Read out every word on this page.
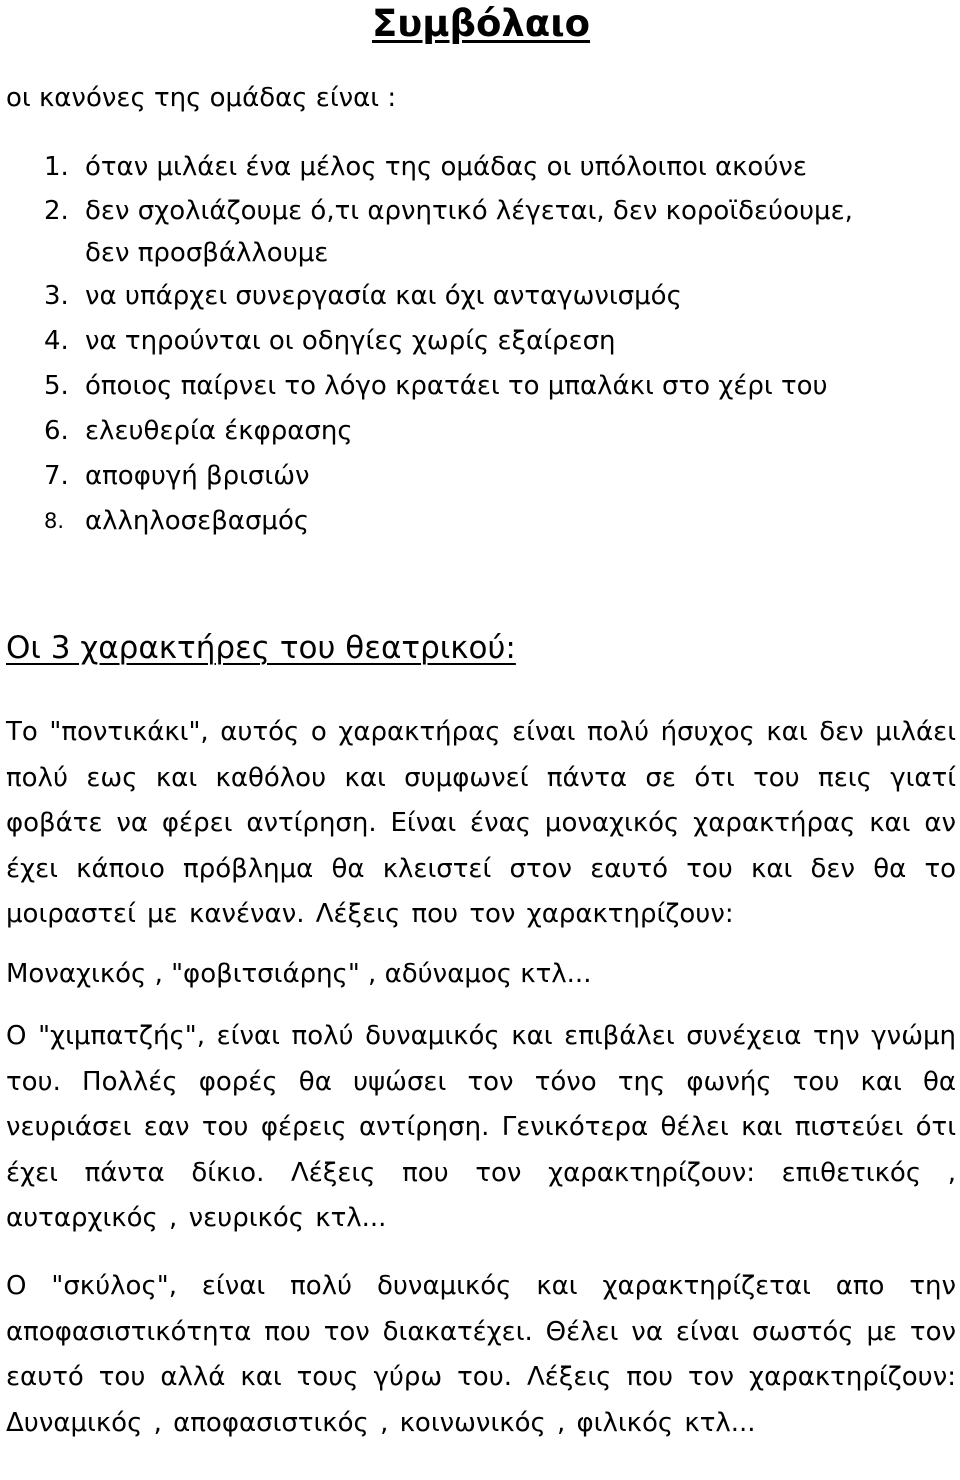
Συμβόλαιο

οι κανόνες της ομάδας είναι :

1. όταν μιλάει ένα μέλος της ομάδας οι υπόλοιποι ακούνε
2. δεν σχολιάζουμε ό,τι αρνητικό λέγεται, δεν κοροϊδεύουμε, δεν προσβάλλουμε
3. να υπάρχει συνεργασία και όχι ανταγωνισμός
4. να τηρούνται οι οδηγίες χωρίς εξαίρεση
5. όποιος παίρνει το λόγο κρατάει το μπαλάκι στο χέρι του
6. ελευθερία έκφρασης
7. αποφυγή βρισιών
8. αλληλοσεβασμός
Οι 3 χαρακτήρες του θεατρικού:

Το "ποντικάκι", αυτός ο χαρακτήρας είναι πολύ ήσυχος και δεν μιλάει πολύ εως και καθόλου και συμφωνεί πάντα σε ότι του πεις γιατί φοβάτε να φέρει αντίρηση. Είναι ένας μοναχικός χαρακτήρας και αν έχει κάποιο πρόβλημα θα κλειστεί στον εαυτό του και δεν θα το μοιραστεί με κανέναν. Λέξεις που τον χαρακτηρίζουν:

Μοναχικός , "φοβιτσιάρης" , αδύναμος κτλ...

Ο "χιμπατζής", είναι πολύ δυναμικός και επιβάλει συνέχεια την γνώμη του. Πολλές φορές θα υψώσει τον τόνο της φωνής του και θα νευριάσει εαν του φέρεις αντίρηση. Γενικότερα θέλει και πιστεύει ότι έχει πάντα δίκιο. Λέξεις που τον χαρακτηρίζουν: επιθετικός , αυταρχικός , νευρικός κτλ...

Ο "σκύλος", είναι πολύ δυναμικός και χαρακτηρίζεται απο την αποφασιστικότητα που τον διακατέχει. Θέλει να είναι σωστός με τον εαυτό του αλλά και τους γύρω του. Λέξεις που τον χαρακτηρίζουν: Δυναμικός , αποφασιστικός , κοινωνικός , φιλικός κτλ...
